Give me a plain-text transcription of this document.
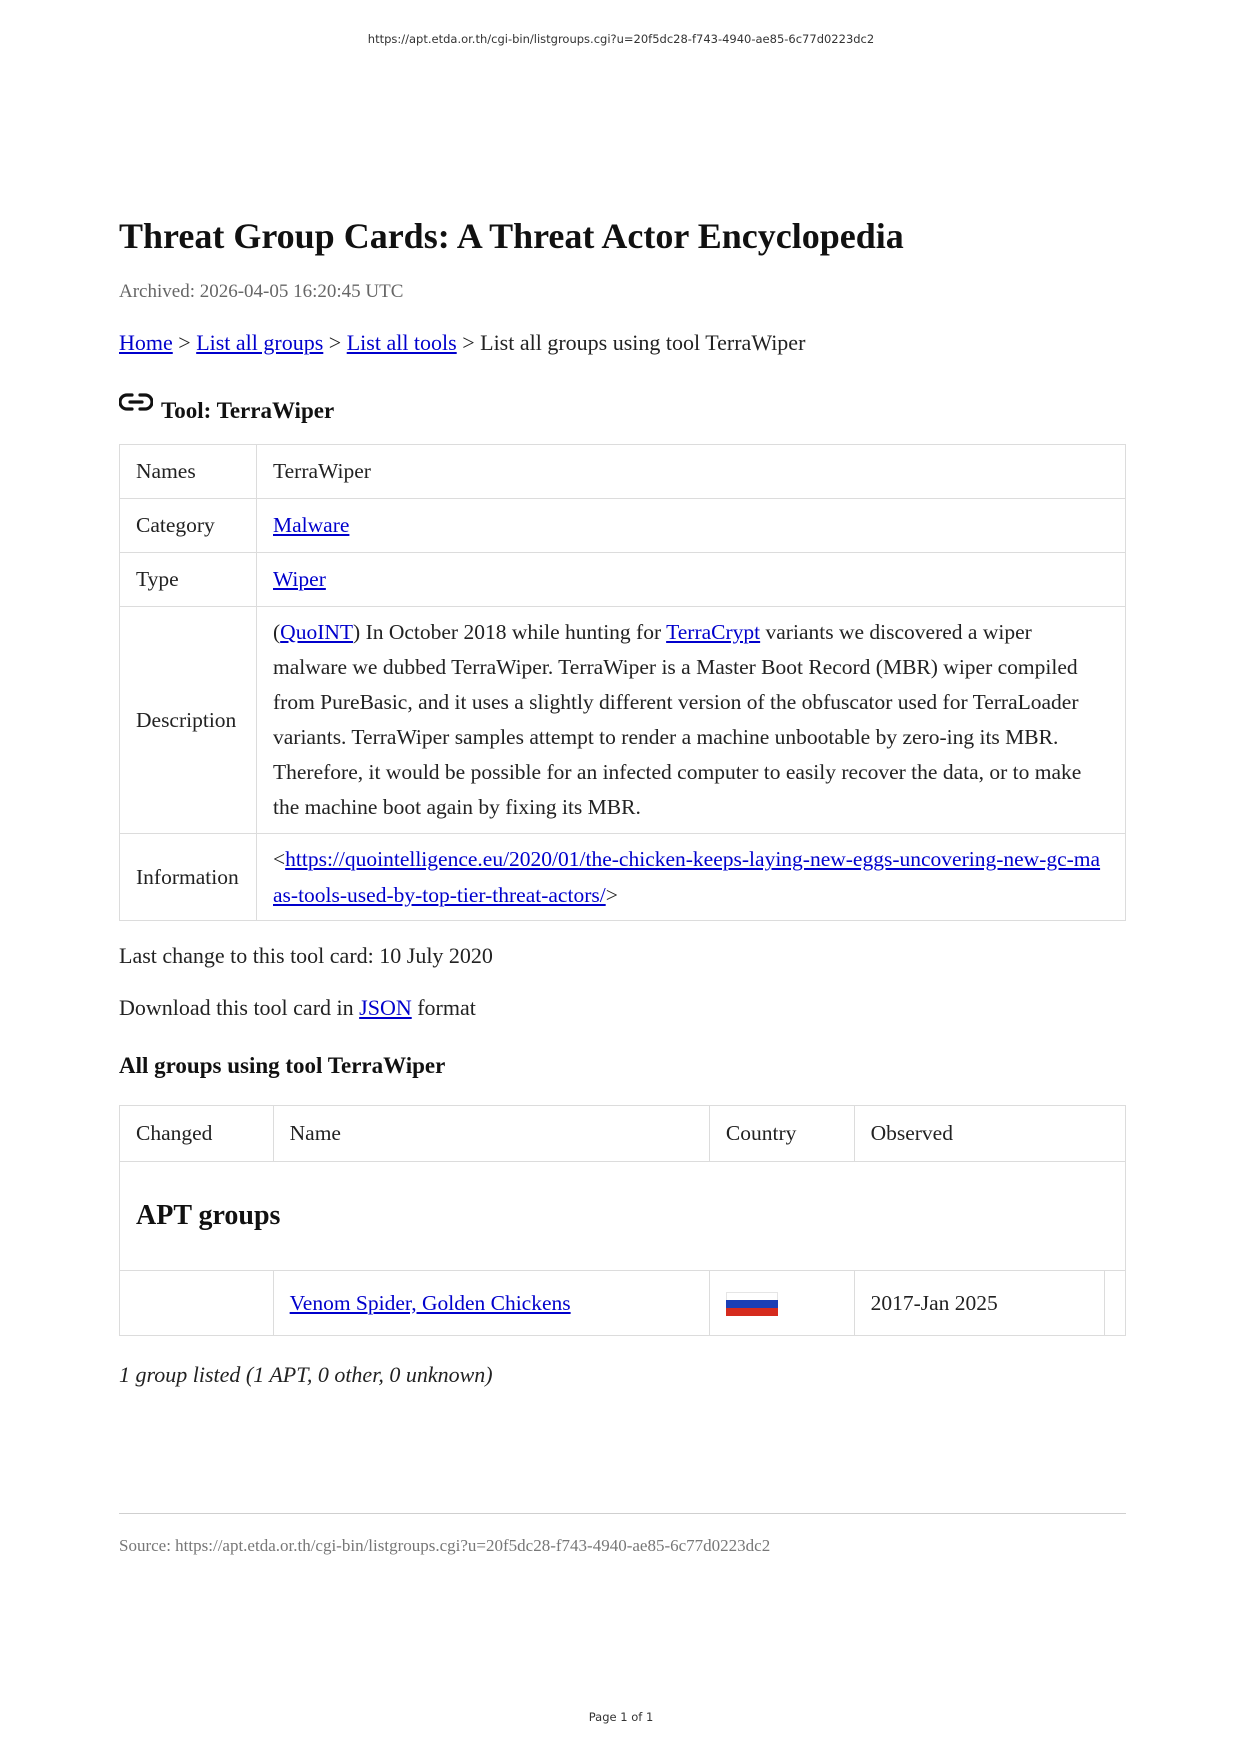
https://apt.etda.or.th/cgi-bin/listgroups.cgi?u=20f5dc28-f743-4940-ae85-6c77d0223dc2
Threat Group Cards: A Threat Actor Encyclopedia
Archived: 2026-04-05 16:20:45 UTC
Home > List all groups > List all tools > List all groups using tool TerraWiper
Tool: TerraWiper
Names	TerraWiper
Category	Malware
Type	Wiper
Description	(QuoINT) In October 2018 while hunting for TerraCrypt variants we discovered a wiper malware we dubbed TerraWiper. TerraWiper is a Master Boot Record (MBR) wiper compiled from PureBasic, and it uses a slightly different version of the obfuscator used for TerraLoader variants. TerraWiper samples attempt to render a machine unbootable by zero-ing its MBR. Therefore, it would be possible for an infected computer to easily recover the data, or to make the machine boot again by fixing its MBR.
Information	<https://quointelligence.eu/2020/01/the-chicken-keeps-laying-new-eggs-uncovering-new-gc-maas-tools-used-by-top-tier-threat-actors/>
Last change to this tool card: 10 July 2020
Download this tool card in JSON format
All groups using tool TerraWiper
Changed	Name	Country	Observed	
APT groups				
	Venom Spider, Golden Chickens		2017-Jan 2025	
1 group listed (1 APT, 0 other, 0 unknown)
Source: https://apt.etda.or.th/cgi-bin/listgroups.cgi?u=20f5dc28-f743-4940-ae85-6c77d0223dc2
Page 1 of 1
